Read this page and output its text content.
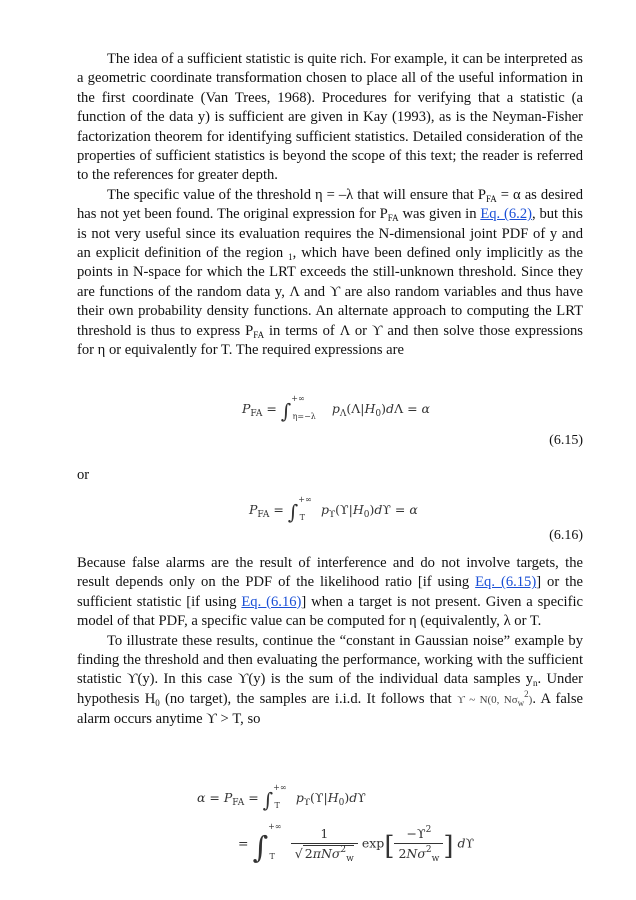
The idea of a sufficient statistic is quite rich. For example, it can be interpreted as a geometric coordinate transformation chosen to place all of the useful information in the first coordinate (Van Trees, 1968). Procedures for verifying that a statistic (a function of the data y) is sufficient are given in Kay (1993), as is the Neyman-Fisher factorization theorem for identifying sufficient statistics. Detailed consideration of the properties of sufficient statistics is beyond the scope of this text; the reader is referred to the references for greater depth.

The specific value of the threshold η = –λ that will ensure that $P_{FA} = \alpha$ as desired has not yet been found. The original expression for $P_{FA}$ was given in Eq. (6.2), but this is not very useful since its evaluation requires the N-dimensional joint PDF of y and an explicit definition of the region $_1$, which have been defined only implicitly as the points in N-space for which the LRT exceeds the still-unknown threshold. Since they are functions of the random data y, Λ and ϒ are also random variables and thus have their own probability density functions. An alternate approach to computing the LRT threshold is thus to express $P_{FA}$ in terms of Λ or ϒ and then solve those expressions for η or equivalently for T. The required expressions are

$P_{FA} = \int^{+\infty}_{\eta=-\lambda}$ $p_\Lambda(\Lambda|H_0)d\Lambda = \alpha$
(6.15)

or

$P_{FA} = \int^{+\infty}_T$ $p_ϒ(ϒ|H_0)dϒ = \alpha$
(6.16)

Because false alarms are the result of interference and do not involve targets, the result depends only on the PDF of the likelihood ratio [if using Eq. (6.15)] or the sufficient statistic [if using Eq. (6.16)] when a target is not present. Given a specific model of that PDF, a specific value can be computed for η (equivalently, λ or T.

To illustrate these results, continue the “constant in Gaussian noise” example by finding the threshold and then evaluating the performance, working with the sufficient statistic ϒ(y). In this case ϒ(y) is the sum of the individual data samples $y_n$. Under hypothesis $H_0$ (no target), the samples are i.i.d. It follows that ϒ ~ N(0, $N\sigma_w^2$). A false alarm occurs anytime ϒ > T, so

$\alpha = P_{FA} = \int^{+\infty}_T$ $p_ϒ(ϒ|H_0)dϒ$
= $\int^{+\infty}_T \frac{1}{√ 2\pi N\sigma^2_w} \exp[ \frac{-ϒ^2}{2N\sigma^2_w}$ ] dϒ
